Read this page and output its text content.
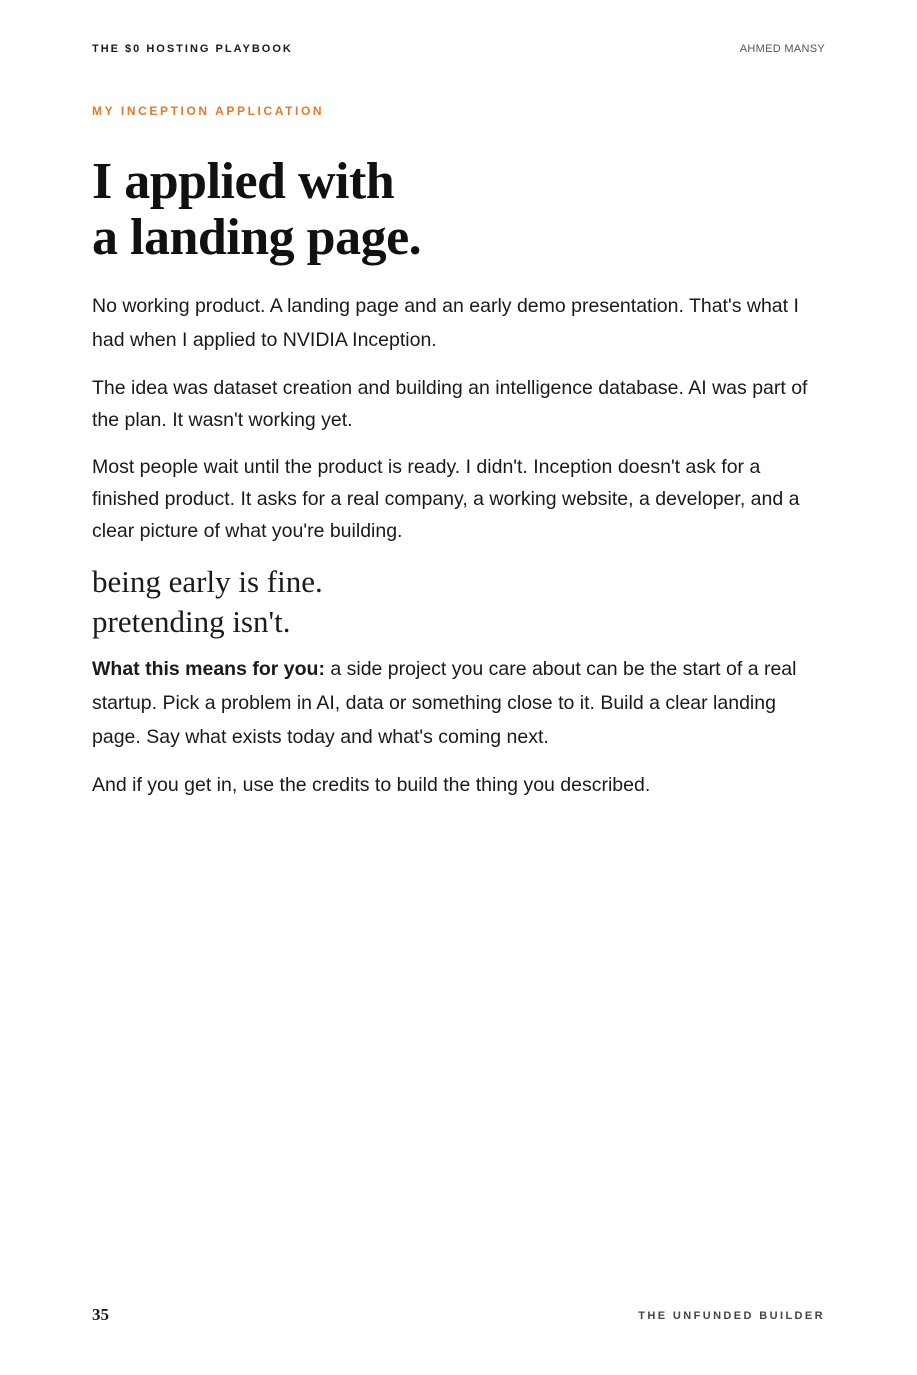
THE $0 HOSTING PLAYBOOK	AHMED MANSY
MY INCEPTION APPLICATION
I applied with
a landing page.

No working product. A landing page and an early demo presentation. That's what I had when I applied to NVIDIA Inception.

The idea was dataset creation and building an intelligence database. AI was part of the plan. It wasn't working yet.

Most people wait until the product is ready. I didn't. Inception doesn't ask for a finished product. It asks for a real company, a working website, a developer, and a clear picture of what you're building.

being early is fine.
pretending isn't.

What this means for you: a side project you care about can be the start of a real startup. Pick a problem in AI, data or something close to it. Build a clear landing page. Say what exists today and what's coming next.

And if you get in, use the credits to build the thing you described.

35	THE UNFUNDED BUILDER
